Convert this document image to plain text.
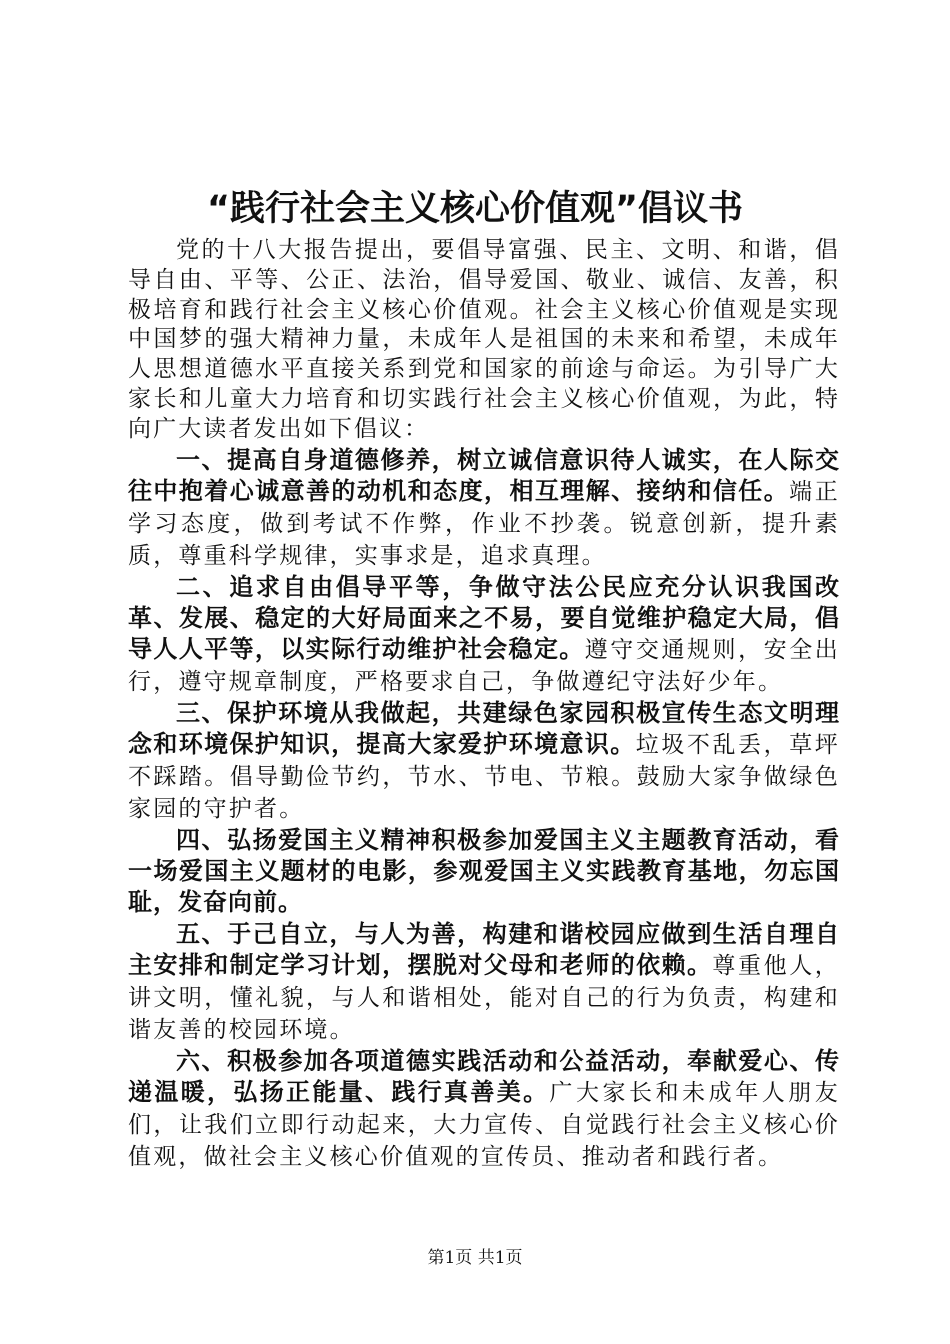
“践行社会主义核心价值观”倡议书

党的十八大报告提出，要倡导富强、民主、文明、和谐，倡导自由、平等、公正、法治，倡导爱国、敬业、诚信、友善，积极培育和践行社会主义核心价值观。社会主义核心价值观是实现中国梦的强大精神力量，未成年人是祖国的未来和希望，未成年人思想道德水平直接关系到党和国家的前途与命运。为引导广大家长和儿童大力培育和切实践行社会主义核心价值观，为此，特向广大读者发出如下倡议：

一、提高自身道德修养，树立诚信意识待人诚实，在人际交往中抱着心诚意善的动机和态度，相互理解、接纳和信任。端正学习态度，做到考试不作弊，作业不抄袭。锐意创新，提升素质，尊重科学规律，实事求是，追求真理。

二、追求自由倡导平等，争做守法公民应充分认识我国改革、发展、稳定的大好局面来之不易，要自觉维护稳定大局，倡导人人平等，以实际行动维护社会稳定。遵守交通规则，安全出行，遵守规章制度，严格要求自己，争做遵纪守法好少年。

三、保护环境从我做起，共建绿色家园积极宣传生态文明理念和环境保护知识，提高大家爱护环境意识。垃圾不乱丢，草坪不踩踏。倡导勤俭节约，节水、节电、节粮。鼓励大家争做绿色家园的守护者。

四、弘扬爱国主义精神积极参加爱国主义主题教育活动，看一场爱国主义题材的电影，参观爱国主义实践教育基地，勿忘国耻，发奋向前。

五、于己自立，与人为善，构建和谐校园应做到生活自理自主安排和制定学习计划，摆脱对父母和老师的依赖。尊重他人，讲文明，懂礼貌，与人和谐相处，能对自己的行为负责，构建和谐友善的校园环境。

六、积极参加各项道德实践活动和公益活动，奉献爱心、传递温暖，弘扬正能量、践行真善美。广大家长和未成年人朋友们，让我们立即行动起来，大力宣传、自觉践行社会主义核心价值观，做社会主义核心价值观的宣传员、推动者和践行者。

第1页 共1页
